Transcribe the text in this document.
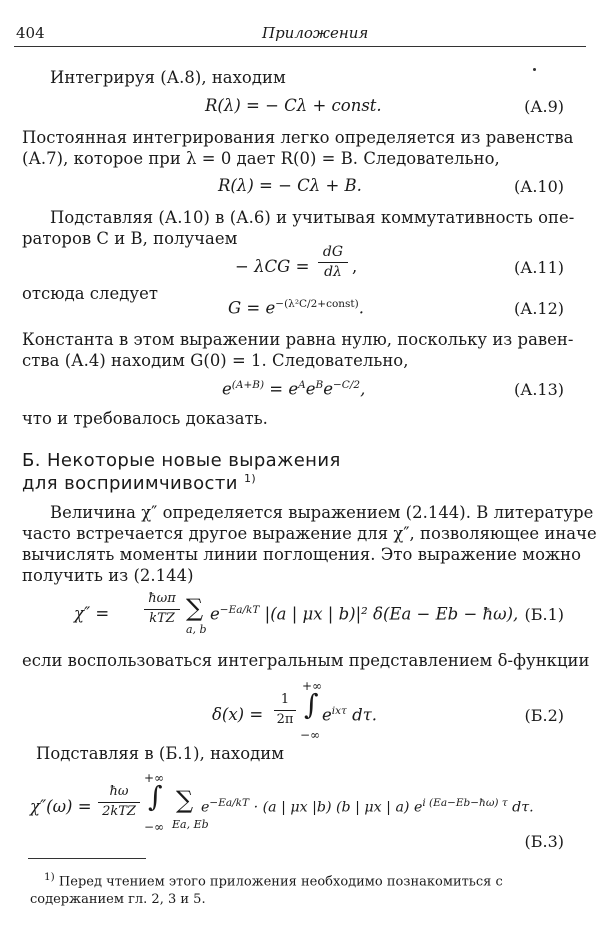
404	Приложения
Интегрируя (А.8), находим
R(λ) = − Cλ + const.	(А.9)
Постоянная интегрирования легко определяется из равенства
(А.7), которое при λ = 0 дает R(0) = B. Следовательно,
R(λ) = − Cλ + B.	(А.10)
Подставляя (А.10) в (А.6) и учитывая коммутативность опе-
раторов C и B, получаем
− λCG =
dG
dλ ,	(А.11)
отсюда следует
$G = e^{-(\lambda^2C/2+const)}$.	(А.12)
Константа в этом выражении равна нулю, поскольку из равен-
ства (А.4) находим G(0) = 1. Следовательно,
$e^{(A+B)} = e^Ae^Be^{-C/2}$,	(А.13)
что и требовалось доказать.
Б. Некоторые новые выражения
для восприимчивости $^{1)}$
Величина χ″ определяется выражением (2.144). В литературе
часто встречается другое выражение для χ″, позволяющее иначе
вычислять моменты линии поглощения. Это выражение можно
получить из (2.144)
χ″ =
ħωπ
kTZ ∑
a, b
$e^{-Ea/kT}$ |(a | μx | b)|² δ(Ea − Eb − ħω), (Б.1)
если воспользоваться интегральным представлением δ-функции
δ(x) =
1
2π
+∞
∫
−∞
$e^{ix\tau}$ dτ.	(Б.2)
Подставляя в (Б.1), находим
χ″(ω) =
ħω
2kTZ
+∞
∫
−∞
∑
Ea, Eb
$e^{-Ea/kT} \cdot (a$ | μx |b) (b | μx | a) $e^{i (Ea-Eb-ħ\omega) \tau}$ dτ.
(Б.3)
$^{1)}$ Перед чтением этого приложения необходимо познакомиться с содержанием гл. 2, 3 и 5.
